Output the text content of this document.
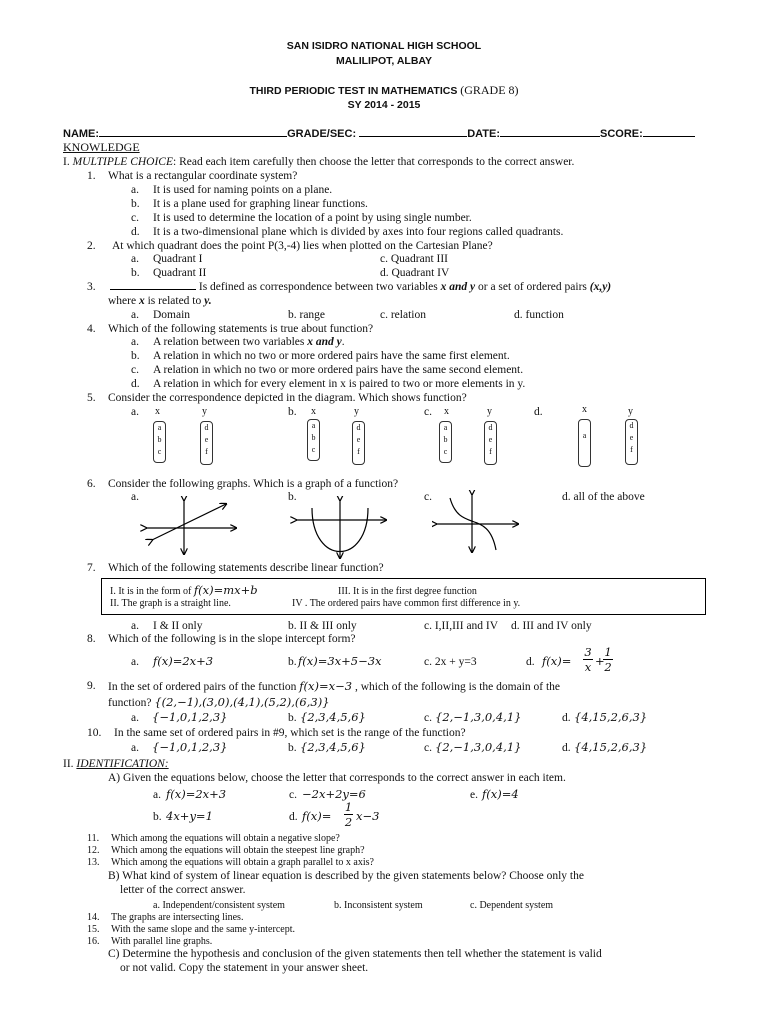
SAN ISIDRO NATIONAL HIGH SCHOOL
MALILIPOT, ALBAY
THIRD PERIODIC TEST IN MATHEMATICS (GRADE 8)
SY 2014 - 2015
NAME:	GRADE/SEC:	DATE:	SCORE:
KNOWLEDGE
I. MULTIPLE CHOICE: Read each item carefully then choose the letter that corresponds to the correct answer.
1. What is a rectangular coordinate system?
a. It is used for naming points on a plane.
b. It is a plane used for graphing linear functions.
c. It is used to determine the location of a point by using single number.
d. It is a two-dimensional plane which is divided by axes into four regions called quadrants.
2. At which quadrant does the point P(3,-4) lies when plotted on the Cartesian Plane?
a. Quadrant I
b. Quadrant II
c. Quadrant III
d. Quadrant IV
3.	Is defined as correspondence between two variables x and y or a set of ordered pairs (x,y)
where x is related to y.
a. Domain	b. range	c. relation	d. function
4. Which of the following statements is true about function?
a. A relation between two variables x and y.
b. A relation in which no two or more ordered pairs have the same first element.
c. A relation in which no two or more ordered pairs have the same second element.
d. A relation in which for every element in x is paired to two or more elements in y.
5. Consider the correspondence depicted in the diagram. Which shows function?
a. x	y
a
b
c
d
e
f
b. x	y
a
b
c
d
e
f
c. x	y
a
b
c
d
e
f
d.	x	y
a
d
e
f
6. Consider the following graphs. Which is a graph of a function?
a.	b.	c.	d. all of the above
7. Which of the following statements describe linear function?
I. It is in the form of f(x)=mx+b	III. It is in the first degree function
II. The graph is a straight line.	IV . The ordered pairs have common first difference in y.
a. I & II only	b. II & III only	c. I,II,III and IV d. III and IV only
8. Which of the following is in the slope intercept form?
a. f(x)=2x+3	b. f(x)=3x+5−3x	c. 2x + y=3	d. f(x)=
3
x +
1
2
9. In the set of ordered pairs of the function f(x)=x−3 , which of the following is the domain of the
function? {(2,−1),(3,0),(4,1),(5,2),(6,3)}
a. {−1,0,1,2,3}	b. {2,3,4,5,6}	c. {2,−1,3,0,4,1}	d. {4,15,2,6,3}
10. In the same set of ordered pairs in #9, which set is the range of the function?
a. {−1,0,1,2,3}	b. {2,3,4,5,6}	c. {2,−1,3,0,4,1}	d. {4,15,2,6,3}
II. IDENTIFICATION:
A) Given the equations below, choose the letter that corresponds to the correct answer in each item.
a. f(x)=2x+3	c. −2x+2y=6	e. f(x)=4
b. 4x+y=1	d. f(x)=
1
2 x−3
11. Which among the equations will obtain a negative slope?
12. Which among the equations will obtain the steepest line graph?
13. Which among the equations will obtain a graph parallel to x axis?
B) What kind of system of linear equation is described by the given statements below? Choose only the
letter of the correct answer.
a. Independent/consistent system	b. Inconsistent system	c. Dependent system
14. The graphs are intersecting lines.
15. With the same slope and the same y-intercept.
16. With parallel line graphs.
C) Determine the hypothesis and conclusion of the given statements then tell whether the statement is valid
or not valid. Copy the statement in your answer sheet.
